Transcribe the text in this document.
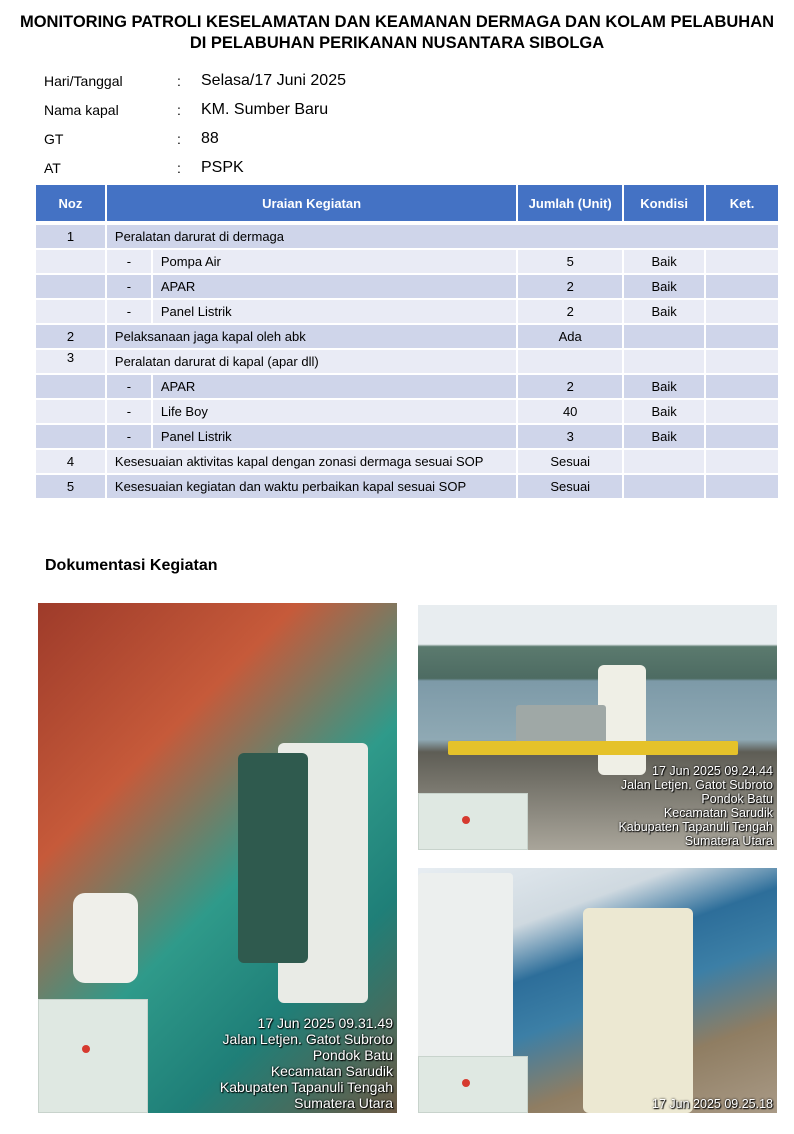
MONITORING PATROLI KESELAMATAN DAN KEAMANAN DERMAGA DAN KOLAM PELABUHAN
DI PELABUHAN PERIKANAN NUSANTARA SIBOLGA
Hari/Tanggal	:	Selasa/17 Juni 2025
Nama kapal	:	KM. Sumber Baru
GT	:	88
AT	:	PSPK
Noz	Uraian Kegiatan		Jumlah (Unit)	Kondisi	Ket.

1	Peralatan darurat di dermaga				
	-	Pompa Air	5	Baik	
	-	APAR	2	Baik	
	-	Panel Listrik	2	Baik	
2	Pelaksanaan jaga kapal oleh abk		Ada		
3	Peralatan darurat di kapal (apar dll)				
	-	APAR	2	Baik	
	-	Life Boy	40	Baik	
	-	Panel Listrik	3	Baik	
4	Kesesuaian aktivitas kapal dengan zonasi dermaga sesuai SOP		Sesuai		
5	Kesesuaian kegiatan dan waktu perbaikan kapal sesuai SOP		Sesuai		
Dokumentasi Kegiatan
17 Jun 2025 09.31.49
Jalan Letjen. Gatot Subroto
Pondok Batu
Kecamatan Sarudik
Kabupaten Tapanuli Tengah
Sumatera Utara
17 Jun 2025 09.24.44
Jalan Letjen. Gatot Subroto
Pondok Batu
Kecamatan Sarudik
Kabupaten Tapanuli Tengah
Sumatera Utara
17 Jun 2025 09.25.18
